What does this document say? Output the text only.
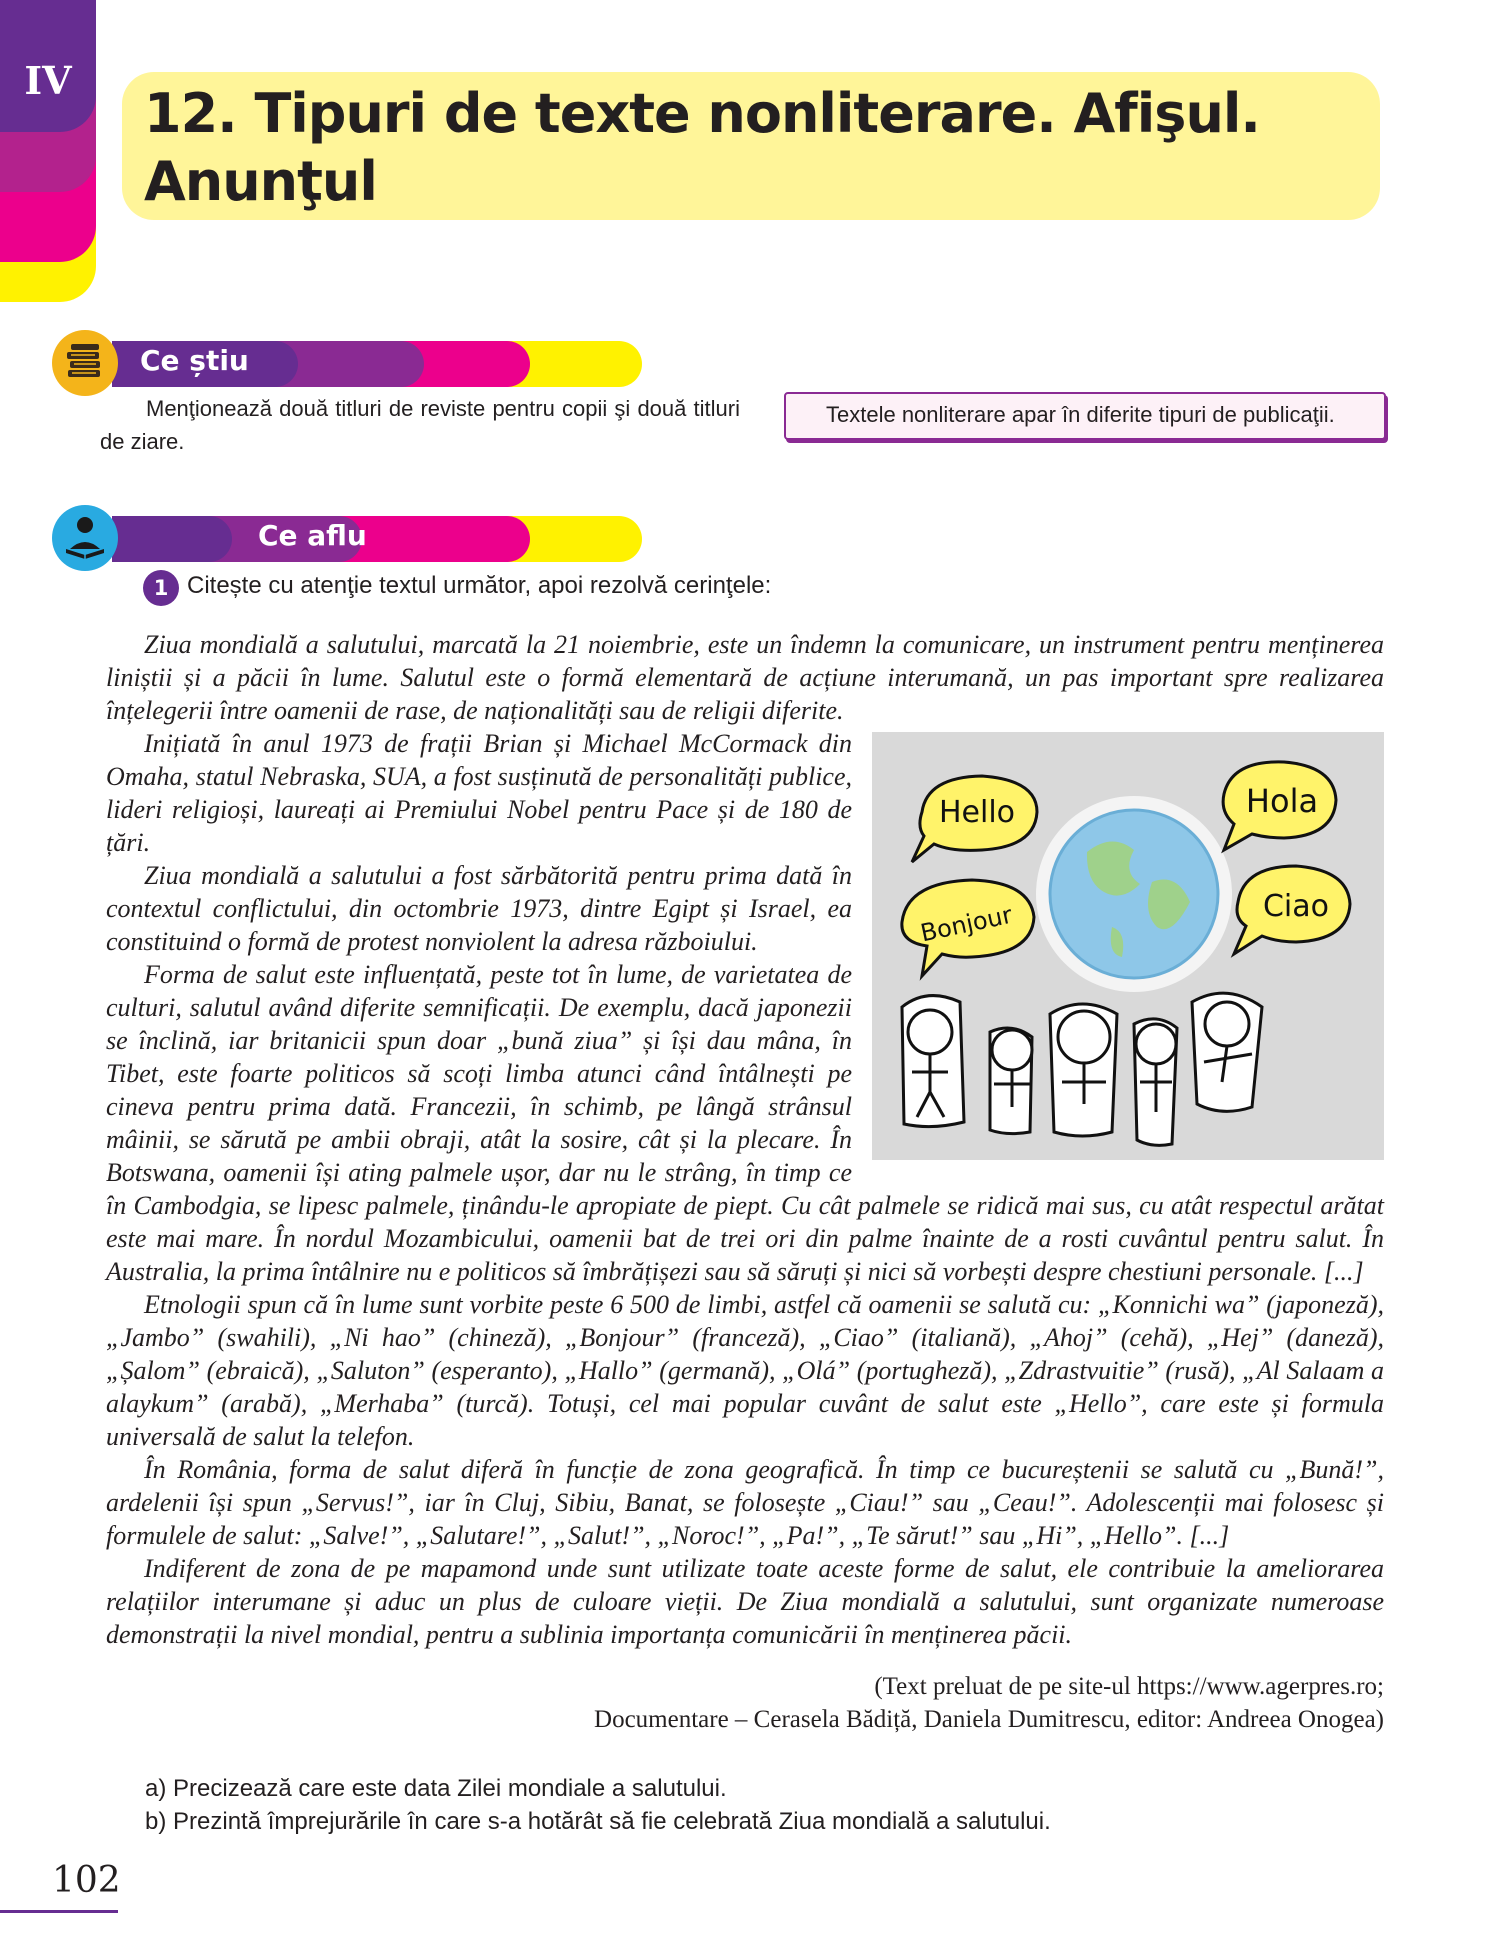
IV
12. Tipuri de texte nonliterare. Afişul.
Anunţul
Ce știu

Menţionează două titluri de reviste pentru copii şi două titluri de ziare.

Textele nonliterare apar în diferite tipuri de publicaţii.
Ce aflu
1 Citește cu atenţie textul următor, apoi rezolvă cerinţele:

Ziua mondială a salutului, marcată la 21 noiembrie, este un îndemn la comunicare, un instrument pentru menținerea liniștii și a păcii în lume. Salutul este o formă elementară de acțiune interumană, un pas important spre realizarea înțelegerii între oamenii de rase, de naționalități sau de religii diferite.

Hello	Hola
Bonjour	Ciao
Inițiată în anul 1973 de frații Brian și Michael McCormack din Omaha, statul Nebraska, SUA, a fost susținută de personalități publice, lideri religioși, laureați ai Premiului Nobel pentru Pace și de 180 de țări.

Ziua mondială a salutului a fost sărbătorită pentru prima dată în contextul conflictului, din octombrie 1973, dintre Egipt și Israel, ea constituind o formă de protest nonviolent la adresa războiului.

Forma de salut este influențată, peste tot în lume, de varietatea de culturi, salutul având diferite semnificații. De exemplu, dacă japonezii se înclină, iar britanicii spun doar „bună ziua” și își dau mâna, în Tibet, este foarte politicos să scoți limba atunci când întâlnești pe cineva pentru prima dată. Francezii, în schimb, pe lângă strânsul mâinii, se sărută pe ambii obraji, atât la sosire, cât și la plecare. În Botswana, oamenii își ating palmele ușor, dar nu le strâng, în timp ce în Cambodgia, se lipesc palmele, ținându-le apropiate de piept. Cu cât palmele se ridică mai sus, cu atât respectul arătat este mai mare. În nordul Mozambicului, oamenii bat de trei ori din palme înainte de a rosti cuvântul pentru salut. În Australia, la prima întâlnire nu e politicos să îmbrățișezi sau să săruți și nici să vorbești despre chestiuni personale. [...]

Etnologii spun că în lume sunt vorbite peste 6 500 de limbi, astfel că oamenii se salută cu: „Konnichi wa” (japoneză), „Jambo” (swahili), „Ni hao” (chineză), „Bonjour” (franceză), „Ciao” (italiană), „Ahoj” (cehă), „Hej” (daneză), „Șalom” (ebraică), „Saluton” (esperanto), „Hallo” (germană), „Olá” (portugheză), „Zdrastvuitie” (rusă), „Al Salaam a alaykum” (arabă), „Merhaba” (turcă). Totuși, cel mai popular cuvânt de salut este „Hello”, care este și formula universală de salut la telefon.

În România, forma de salut diferă în funcție de zona geografică. În timp ce bucureștenii se salută cu „Bună!”, ardelenii își spun „Servus!”, iar în Cluj, Sibiu, Banat, se folosește „Ciau!” sau „Ceau!”. Adolescenții mai folosesc și formulele de salut: „Salve!”, „Salutare!”, „Salut!”, „Noroc!”, „Pa!”, „Te sărut!” sau „Hi”, „Hello”. [...]

Indiferent de zona de pe mapamond unde sunt utilizate toate aceste forme de salut, ele contribuie la ameliorarea relațiilor interumane și aduc un plus de culoare vieții. De Ziua mondială a salutului, sunt organizate numeroase demonstrații la nivel mondial, pentru a sublinia importanța comunicării în menținerea păcii.

(Text preluat de pe site-ul https://www.agerpres.ro;
Documentare – Cerasela Bădiță, Daniela Dumitrescu, editor: Andreea Onogea)
a) Precizează care este data Zilei mondiale a salutului.
b) Prezintă împrejurările în care s-a hotărât să fie celebrată Ziua mondială a salutului.
102
